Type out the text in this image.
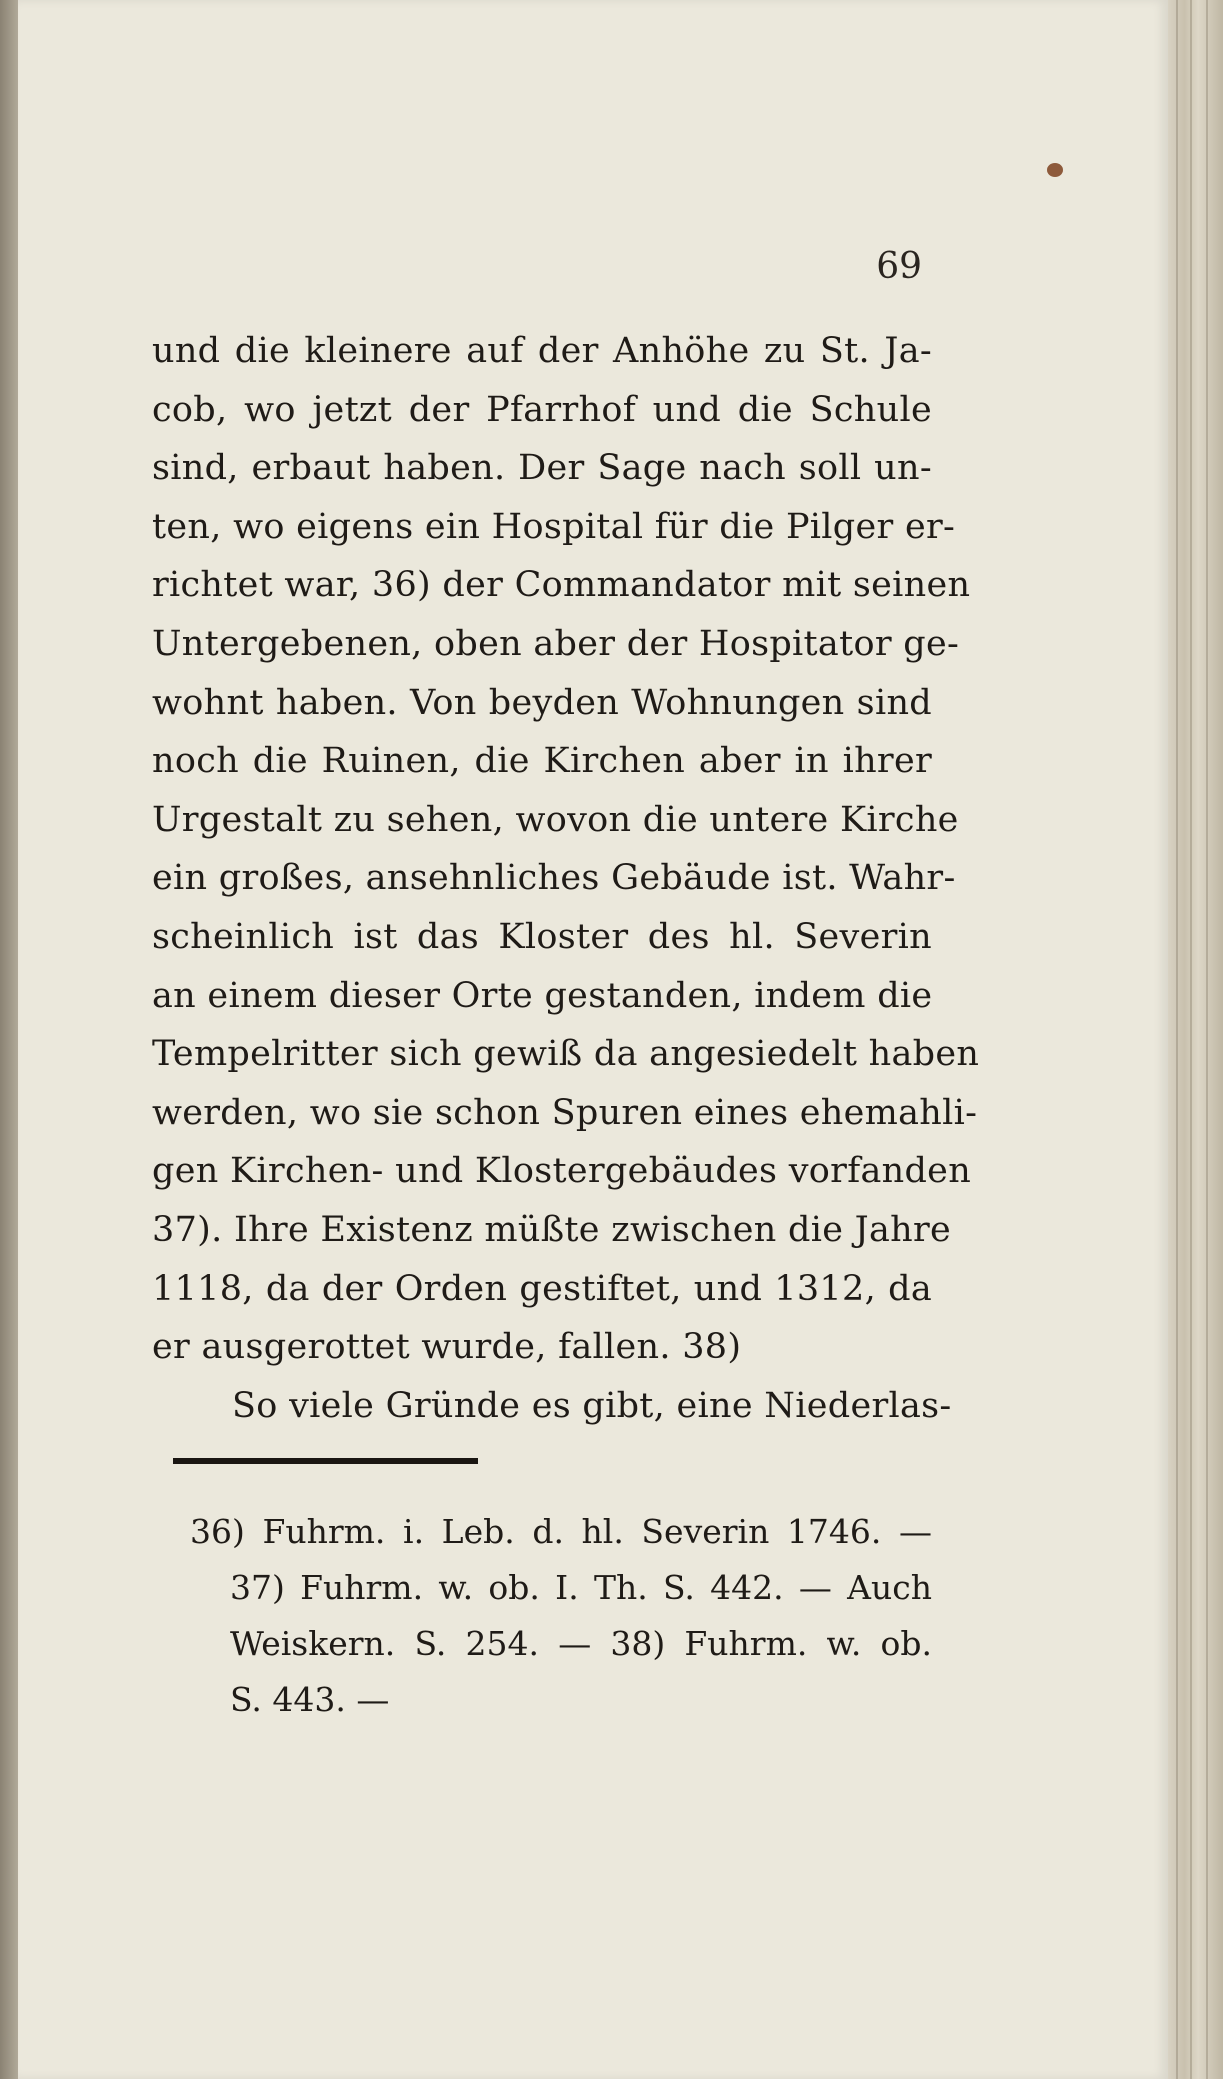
69
und die kleinere auf der Anhöhe zu St. Ja-
cob, wo jetzt der Pfarrhof und die Schule
sind, erbaut haben. Der Sage nach soll un-
ten, wo eigens ein Hospital für die Pilger er-
richtet war, 36) der Commandator mit seinen
Untergebenen, oben aber der Hospitator ge-
wohnt haben. Von beyden Wohnungen sind
noch die Ruinen, die Kirchen aber in ihrer
Urgestalt zu sehen, wovon die untere Kirche
ein großes, ansehnliches Gebäude ist. Wahr-
scheinlich ist das Kloster des hl. Severin
an einem dieser Orte gestanden, indem die
Tempelritter sich gewiß da angesiedelt haben
werden, wo sie schon Spuren eines ehemahli-
gen Kirchen- und Klostergebäudes vorfanden
37). Ihre Existenz müßte zwischen die Jahre
1118, da der Orden gestiftet, und 1312, da
er ausgerottet wurde, fallen. 38)
So viele Gründe es gibt, eine Niederlas-
36) Fuhrm. i. Leb. d. hl. Severin 1746. —
37) Fuhrm. w. ob. I. Th. S. 442. — Auch
Weiskern. S. 254. — 38) Fuhrm. w. ob.
S. 443. —
